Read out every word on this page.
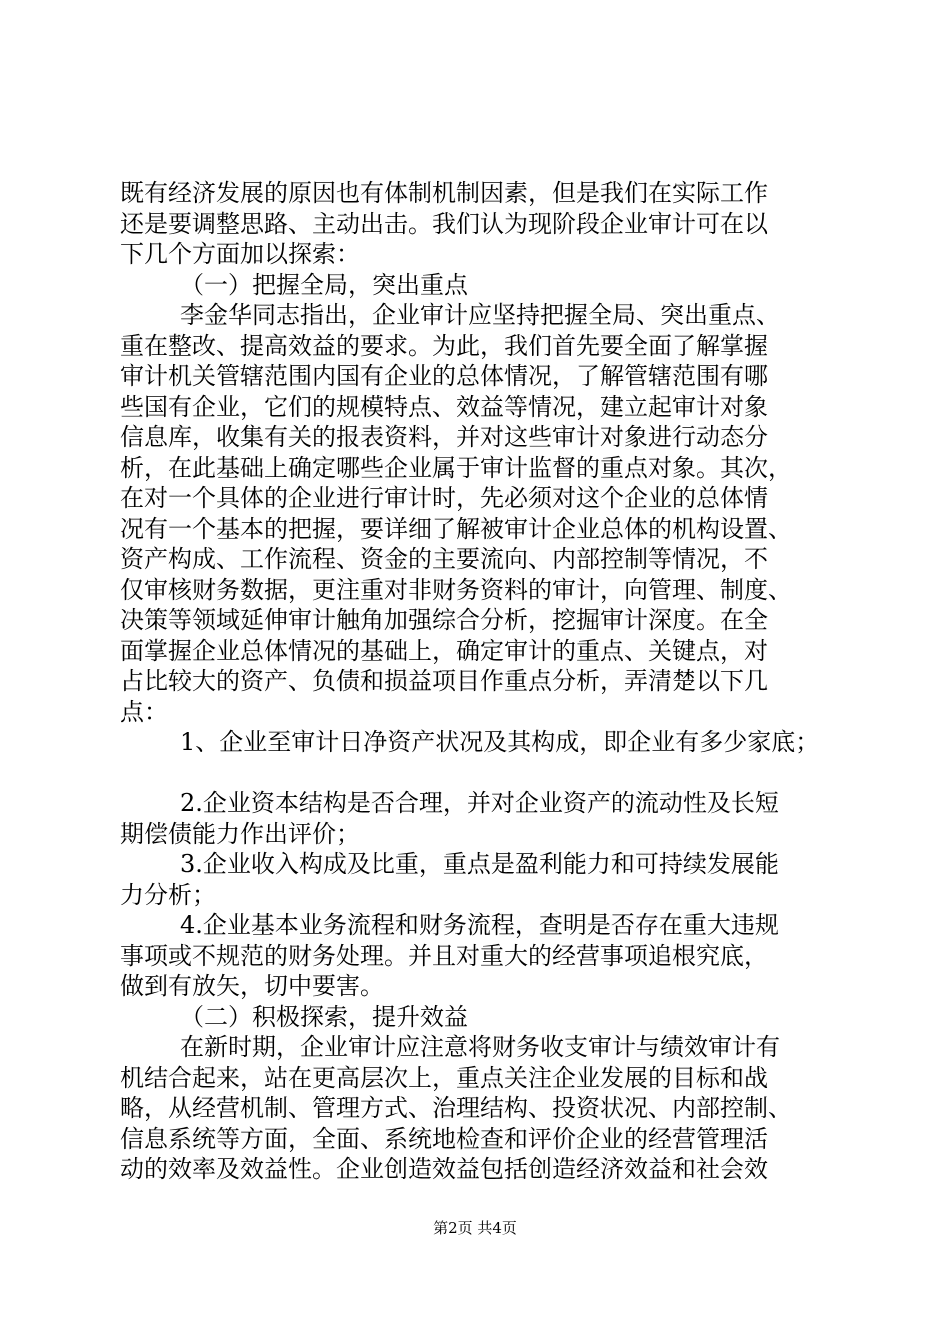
既有经济发展的原因也有体制机制因素，但是我们在实际工作
还是要调整思路、主动出击。我们认为现阶段企业审计可在以
下几个方面加以探索：
（一）把握全局，突出重点
李金华同志指出，企业审计应坚持把握全局、突出重点、
重在整改、提高效益的要求。为此，我们首先要全面了解掌握
审计机关管辖范围内国有企业的总体情况，了解管辖范围有哪
些国有企业，它们的规模特点、效益等情况，建立起审计对象
信息库，收集有关的报表资料，并对这些审计对象进行动态分
析，在此基础上确定哪些企业属于审计监督的重点对象。其次，
在对一个具体的企业进行审计时，先必须对这个企业的总体情
况有一个基本的把握，要详细了解被审计企业总体的机构设置、
资产构成、工作流程、资金的主要流向、内部控制等情况，不
仅审核财务数据，更注重对非财务资料的审计，向管理、制度、
决策等领域延伸审计触角加强综合分析，挖掘审计深度。在全
面掌握企业总体情况的基础上，确定审计的重点、关键点，对
占比较大的资产、负债和损益项目作重点分析，弄清楚以下几
点：
1、企业至审计日净资产状况及其构成，即企业有多少家底；
2.企业资本结构是否合理，并对企业资产的流动性及长短
期偿债能力作出评价；
3.企业收入构成及比重，重点是盈利能力和可持续发展能
力分析；
4.企业基本业务流程和财务流程，查明是否存在重大违规
事项或不规范的财务处理。并且对重大的经营事项追根究底，
做到有放矢，切中要害。
（二）积极探索，提升效益
在新时期，企业审计应注意将财务收支审计与绩效审计有
机结合起来，站在更高层次上，重点关注企业发展的目标和战
略，从经营机制、管理方式、治理结构、投资状况、内部控制、
信息系统等方面，全面、系统地检查和评价企业的经营管理活
动的效率及效益性。企业创造效益包括创造经济效益和社会效
第2页 共4页
